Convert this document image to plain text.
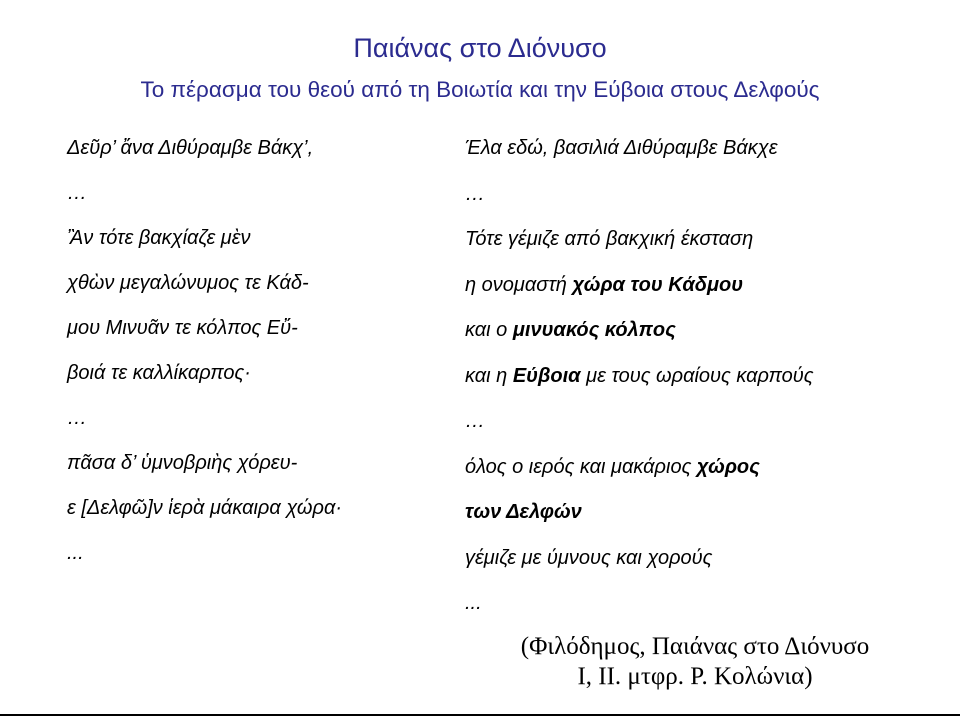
Παιάνας στο Διόνυσο
Το πέρασμα του θεού από τη Βοιωτία και την Εύβοια στους Δελφούς
Δεῦρ’ ἄνα Διθύραμβε Βάκχ’,
…
Ἂν τότε βακχίαζε μὲν
χθὼν μεγαλώνυμος τε Κάδ-
μου Μινυᾶν τε κόλπος Εὔ-
βοιά τε καλλίκαρπος·
…
πᾶσα δ’ ὑμνοβριὴς χόρευ-
ε [Δελφῶ]ν ἱερὰ μάκαιρα χώρα·
...
Έλα εδώ, βασιλιά Διθύραμβε Βάκχε
…
Τότε γέμιζε από βακχική έκσταση
η ονομαστή χώρα του Κάδμου
και ο μινυακός κόλπος
και η Εύβοια με τους ωραίους καρπούς
…
όλος ο ιερός και μακάριος χώρος
των Δελφών
γέμιζε με ύμνους και χορούς
...
(Φιλόδημος, Παιάνας στο Διόνυσο
Ι, ΙΙ. μτφρ. Ρ. Κολώνια)
